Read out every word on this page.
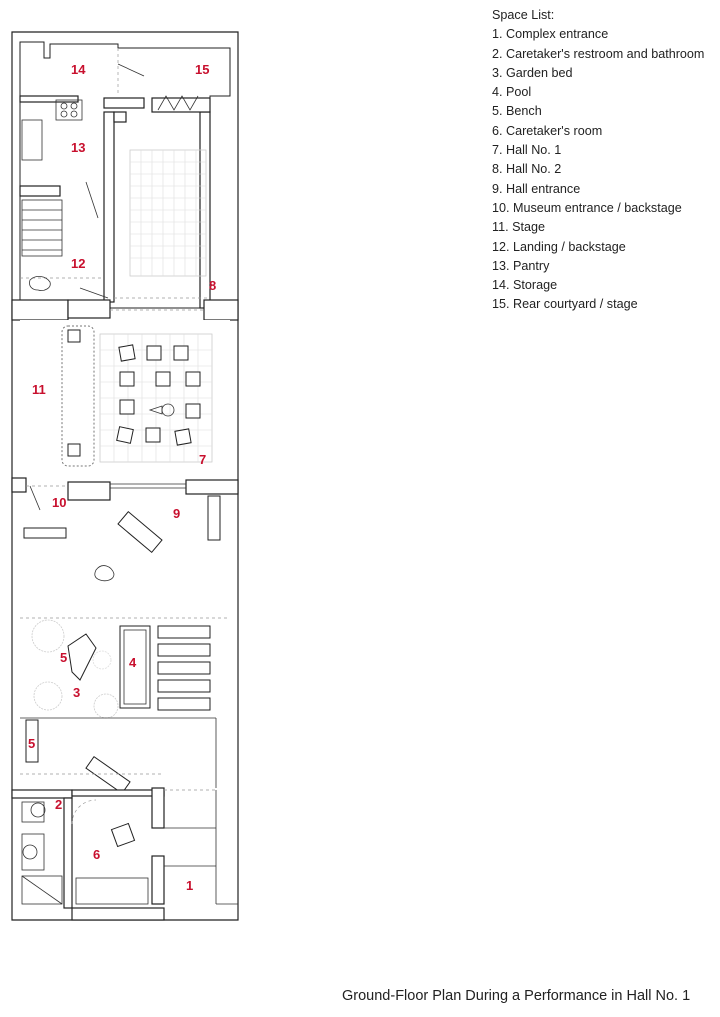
14	15
13
12
8
11
7
10
9
5	4
3
5
2
6
1
Space List:
1. Complex entrance
2. Caretaker's restroom and bathroom
3. Garden bed
4. Pool
5. Bench
6. Caretaker's room
7. Hall No. 1
8. Hall No. 2
9. Hall entrance
10. Museum entrance / backstage
11. Stage
12. Landing / backstage
13. Pantry
14. Storage
15. Rear courtyard / stage
Ground-Floor Plan During a Performance in Hall No. 1
